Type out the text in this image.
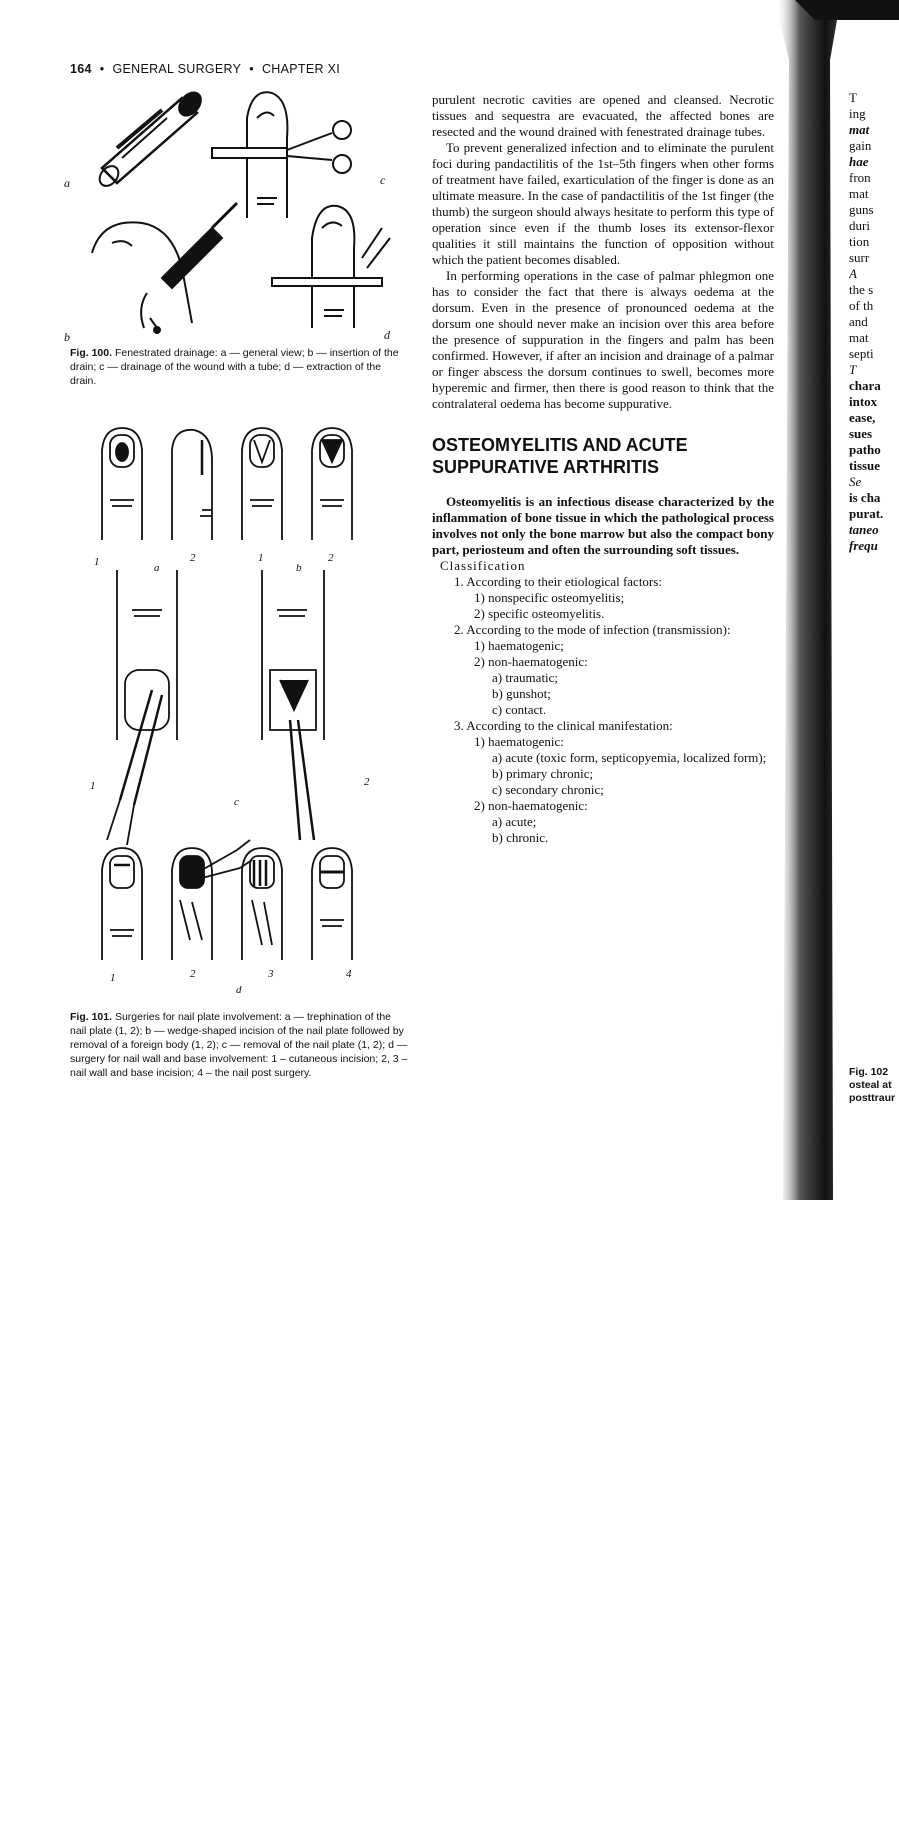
164 • GENERAL SURGERY • CHAPTER XI
a	c
b	d
Fig. 100. Fenestrated drainage: a — general view; b — insertion of the drain; c — drainage of the wound with a tube; d — extraction of the drain.
1	2	1	2
a	b
1	2
c
1	2	3	4
d
Fig. 101. Surgeries for nail plate involvement: a — trephination of the nail plate (1, 2); b — wedge-shaped incision of the nail plate followed by removal of a foreign body (1, 2); c — removal of the nail plate (1, 2); d — surgery for nail wall and base involvement: 1 – cutaneous incision; 2, 3 – nail wall and base incision; 4 – the nail post surgery.

purulent necrotic cavities are opened and cleansed. Necrotic tissues and sequestra are evacuated, the affected bones are resected and the wound drained with fenestrated drainage tubes.

To prevent generalized infection and to eliminate the purulent foci during pandactilitis of the 1st–5th fingers when other forms of treatment have failed, exarticulation of the finger is done as an ultimate measure. In the case of pandactilitis of the 1st finger (the thumb) the surgeon should always hesitate to perform this type of operation since even if the thumb loses its extensor-flexor qualities it still maintains the function of opposition without which the patient becomes disabled.

In performing operations in the case of palmar phlegmon one has to consider the fact that there is always oedema at the dorsum. Even in the presence of pronounced oedema at the dorsum one should never make an incision over this area before the presence of suppuration in the fingers and palm has been confirmed. However, if after an incision and drainage of a palmar or finger abscess the dorsum continues to swell, becomes more hyperemic and firmer, then there is good reason to think that the contralateral oedema has become suppurative.

OSTEOMYELITIS AND ACUTE SUPPURATIVE ARTHRITIS

Osteomyelitis is an infectious disease characterized by the inflammation of bone tissue in which the pathological process involves not only the bone marrow but also the compact bony part, periosteum and often the surrounding soft tissues.

Classification

1. According to their etiological factors:
1) nonspecific osteomyelitis;
2) specific osteomyelitis.
2. According to the mode of infection (transmission):
1) haematogenic;
2) non-haematogenic:
a) traumatic;
b) gunshot;
c) contact.
3. According to the clinical manifestation:
1) haematogenic:
a) acute (toxic form, septicopyemia, localized form);
b) primary chronic;
c) secondary chronic;
2) non-haematogenic:
a) acute;
b) chronic.
T
ing
mat
gain
hae
fron
mat
guns
duri
tion
surr
A
the s
of th
and
mat
septi
T
chara
intox
ease,
sues
patho
tissue
Se
is cha
purat.
taneo
frequ
Fig. 102
osteal at
posttraur
